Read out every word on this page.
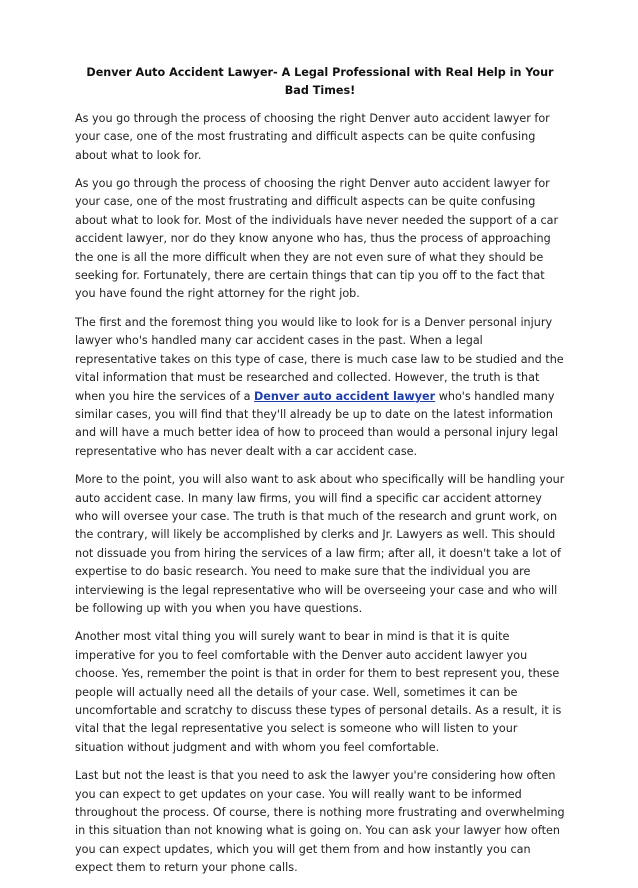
Denver Auto Accident Lawyer- A Legal Professional with Real Help in Your Bad Times!

As you go through the process of choosing the right Denver auto accident lawyer for your case, one of the most frustrating and difficult aspects can be quite confusing about what to look for.

As you go through the process of choosing the right Denver auto accident lawyer for your case, one of the most frustrating and difficult aspects can be quite confusing about what to look for. Most of the individuals have never needed the support of a car accident lawyer, nor do they know anyone who has, thus the process of approaching the one is all the more difficult when they are not even sure of what they should be seeking for. Fortunately, there are certain things that can tip you off to the fact that you have found the right attorney for the right job.

The first and the foremost thing you would like to look for is a Denver personal injury lawyer who's handled many car accident cases in the past. When a legal representative takes on this type of case, there is much case law to be studied and the vital information that must be researched and collected. However, the truth is that when you hire the services of a Denver auto accident lawyer who's handled many similar cases, you will find that they'll already be up to date on the latest information and will have a much better idea of how to proceed than would a personal injury legal representative who has never dealt with a car accident case.

More to the point, you will also want to ask about who specifically will be handling your auto accident case. In many law firms, you will find a specific car accident attorney who will oversee your case. The truth is that much of the research and grunt work, on the contrary, will likely be accomplished by clerks and Jr. Lawyers as well. This should not dissuade you from hiring the services of a law firm; after all, it doesn't take a lot of expertise to do basic research. You need to make sure that the individual you are interviewing is the legal representative who will be overseeing your case and who will be following up with you when you have questions.

Another most vital thing you will surely want to bear in mind is that it is quite imperative for you to feel comfortable with the Denver auto accident lawyer you choose. Yes, remember the point is that in order for them to best represent you, these people will actually need all the details of your case. Well, sometimes it can be uncomfortable and scratchy to discuss these types of personal details. As a result, it is vital that the legal representative you select is someone who will listen to your situation without judgment and with whom you feel comfortable.

Last but not the least is that you need to ask the lawyer you're considering how often you can expect to get updates on your case. You will really want to be informed throughout the process. Of course, there is nothing more frustrating and overwhelming in this situation than not knowing what is going on. You can ask your lawyer how often you can expect updates, which you will get them from and how instantly you can expect them to return your phone calls.
